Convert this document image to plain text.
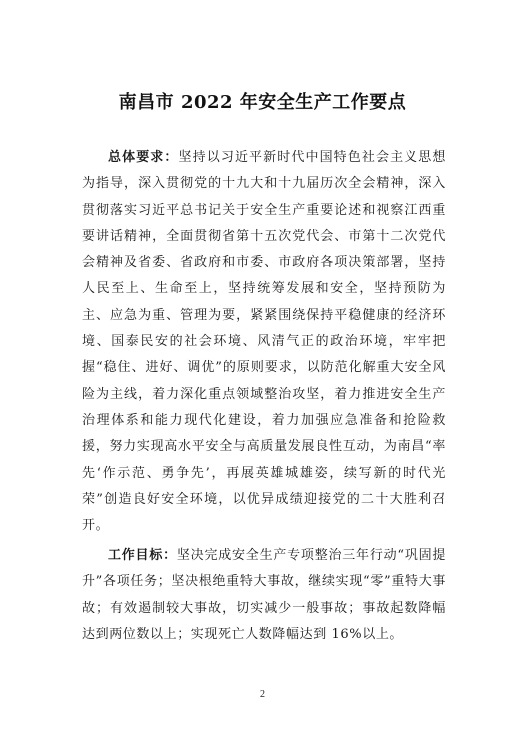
南昌市 2022 年安全生产工作要点

总体要求：坚持以习近平新时代中国特色社会主义思想为指导，深入贯彻党的十九大和十九届历次全会精神，深入贯彻落实习近平总书记关于安全生产重要论述和视察江西重要讲话精神，全面贯彻省第十五次党代会、市第十二次党代会精神及省委、省政府和市委、市政府各项决策部署，坚持人民至上、生命至上，坚持统筹发展和安全，坚持预防为主、应急为重、管理为要，紧紧围绕保持平稳健康的经济环境、国泰民安的社会环境、风清气正的政治环境，牢牢把握“稳住、进好、调优”的原则要求，以防范化解重大安全风险为主线，着力深化重点领域整治攻坚，着力推进安全生产治理体系和能力现代化建设，着力加强应急准备和抢险救援，努力实现高水平安全与高质量发展良性互动，为南昌“率先‘作示范、勇争先’，再展英雄城雄姿，续写新的时代光荣”创造良好安全环境，以优异成绩迎接党的二十大胜利召开。

工作目标：坚决完成安全生产专项整治三年行动“巩固提升”各项任务；坚决根绝重特大事故，继续实现“零”重特大事故；有效遏制较大事故，切实减少一般事故；事故起数降幅达到两位数以上；实现死亡人数降幅达到 16%以上。

2
